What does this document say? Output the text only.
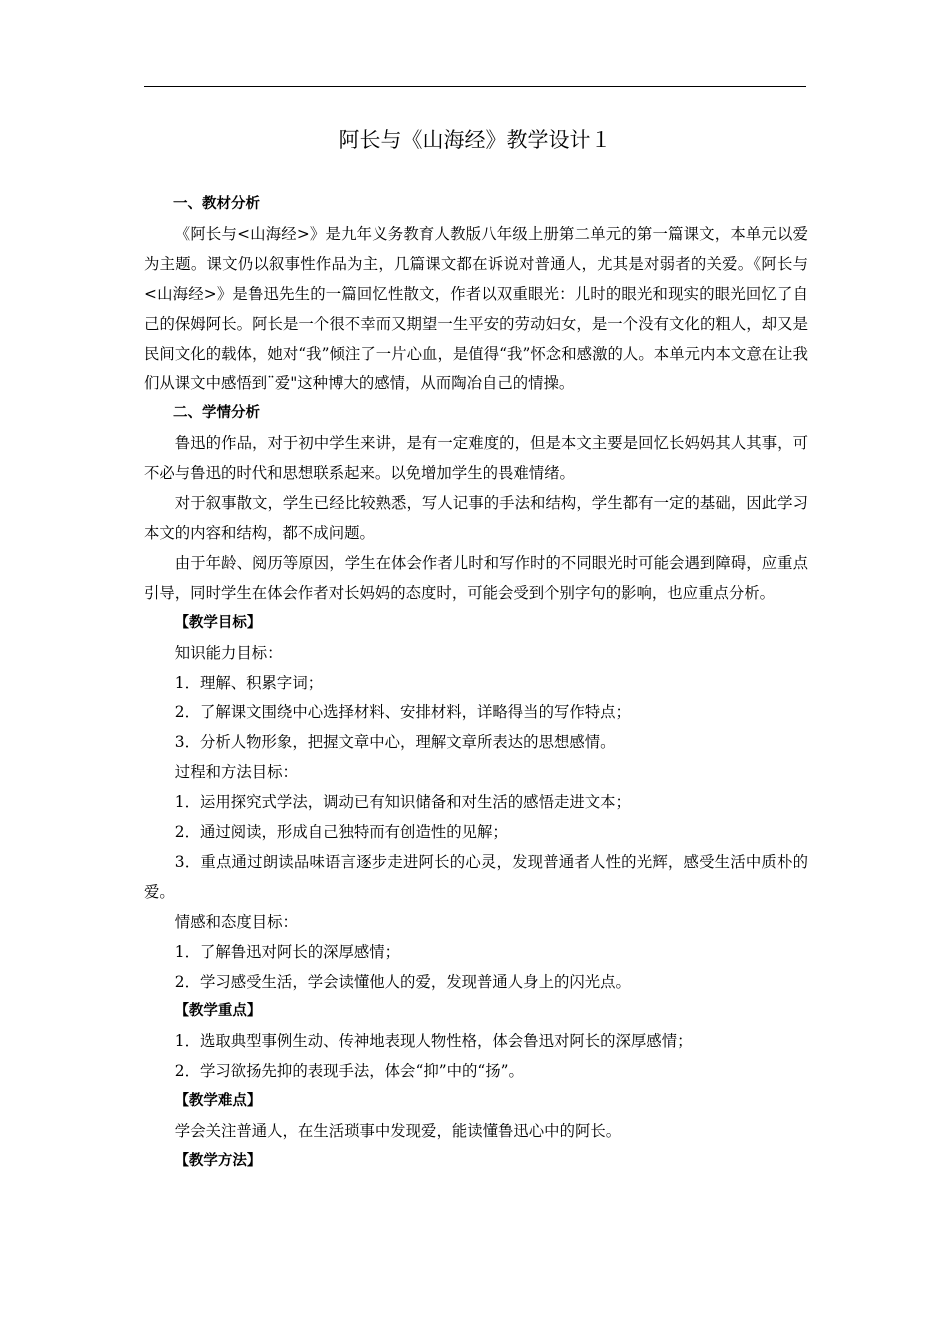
阿长与《山海经》教学设计１

一、教材分析

《阿长与<山海经>》是九年义务教育人教版八年级上册第二单元的第一篇课文，本单元以爱为主题。课文仍以叙事性作品为主，几篇课文都在诉说对普通人，尤其是对弱者的关爱。《阿长与<山海经>》是鲁迅先生的一篇回忆性散文，作者以双重眼光：儿时的眼光和现实的眼光回忆了自己的保姆阿长。阿长是一个很不幸而又期望一生平安的劳动妇女，是一个没有文化的粗人，却又是民间文化的载体，她对“我”倾注了一片心血，是值得“我”怀念和感激的人。本单元内本文意在让我们从课文中感悟到¨爱"这种博大的感情，从而陶冶自己的情操。

二、学情分析

鲁迅的作品，对于初中学生来讲，是有一定难度的，但是本文主要是回忆长妈妈其人其事，可不必与鲁迅的时代和思想联系起来。以免增加学生的畏难情绪。

对于叙事散文，学生已经比较熟悉，写人记事的手法和结构，学生都有一定的基础，因此学习本文的内容和结构，都不成问题。

由于年龄、阅历等原因，学生在体会作者儿时和写作时的不同眼光时可能会遇到障碍，应重点引导，同时学生在体会作者对长妈妈的态度时，可能会受到个别字句的影响，也应重点分析。

【教学目标】

知识能力目标：

1．理解、积累字词；

2．了解课文围绕中心选择材料、安排材料，详略得当的写作特点；

3．分析人物形象，把握文章中心，理解文章所表达的思想感情。

过程和方法目标：

1．运用探究式学法，调动已有知识储备和对生活的感悟走进文本；

2．通过阅读，形成自己独特而有创造性的见解；

3．重点通过朗读品味语言逐步走进阿长的心灵，发现普通者人性的光辉，感受生活中质朴的爱。

情感和态度目标：

1．了解鲁迅对阿长的深厚感情；

2．学习感受生活，学会读懂他人的爱，发现普通人身上的闪光点。

【教学重点】

1．选取典型事例生动、传神地表现人物性格，体会鲁迅对阿长的深厚感情；

2．学习欲扬先抑的表现手法，体会“抑”中的“扬”。

【教学难点】

学会关注普通人，在生活琐事中发现爱，能读懂鲁迅心中的阿长。

【教学方法】
